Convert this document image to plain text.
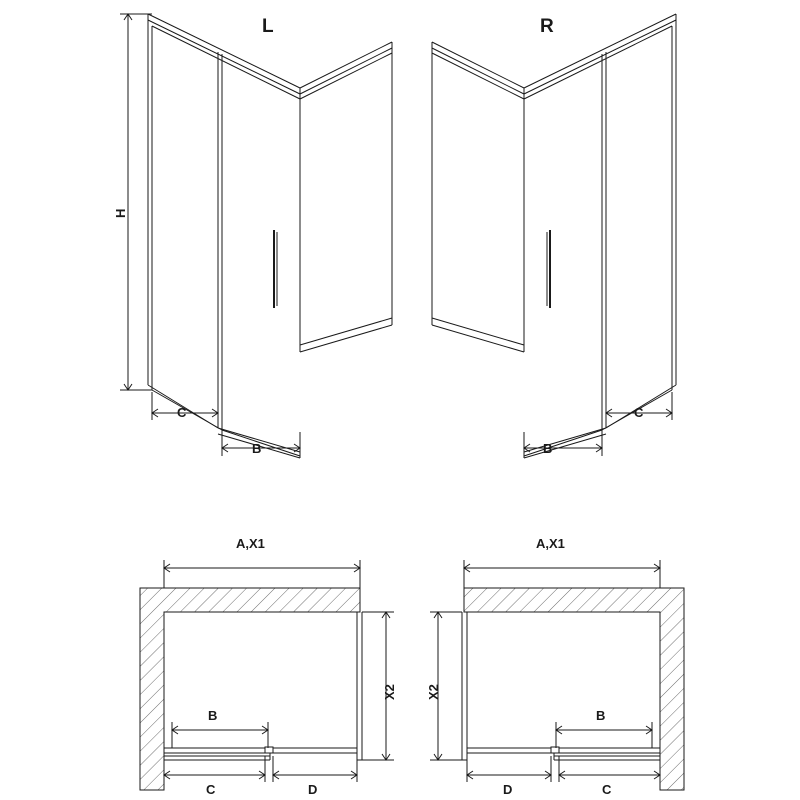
L	R
H
C
B
C
B
A,X1
X2
B
C	D
A,X1
X2
B
D	C
